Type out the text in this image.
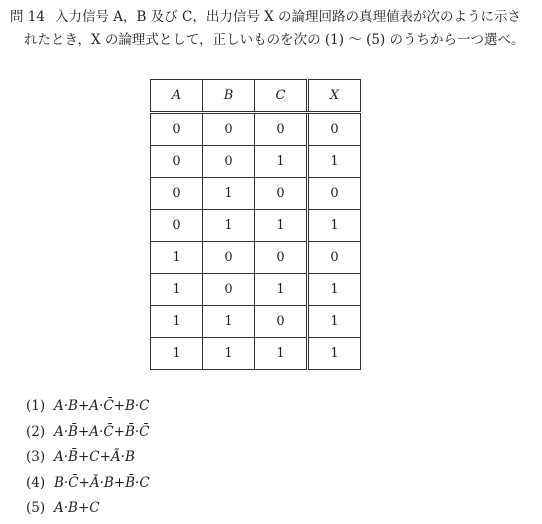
問 14 入力信号 A，B 及び C，出力信号 X の論理回路の真理値表が次のように示さ
れたとき，X の論理式として，正しいものを次の (1) ～ (5) のうちから一つ選べ。
A	B	C	X
0	0	0	0
0	0	1	1
0	1	0	0
0	1	1	1
1	0	0	0
1	0	1	1
1	1	0	1
1	1	1	1
(1) A·B+A·C̄+B·C
(2) A·B̄+A·C̄+B̄·C̄
(3) A·B̄+C+Ā·B
(4) B·C̄+Ā·B+B̄·C
(5) A·B+C
